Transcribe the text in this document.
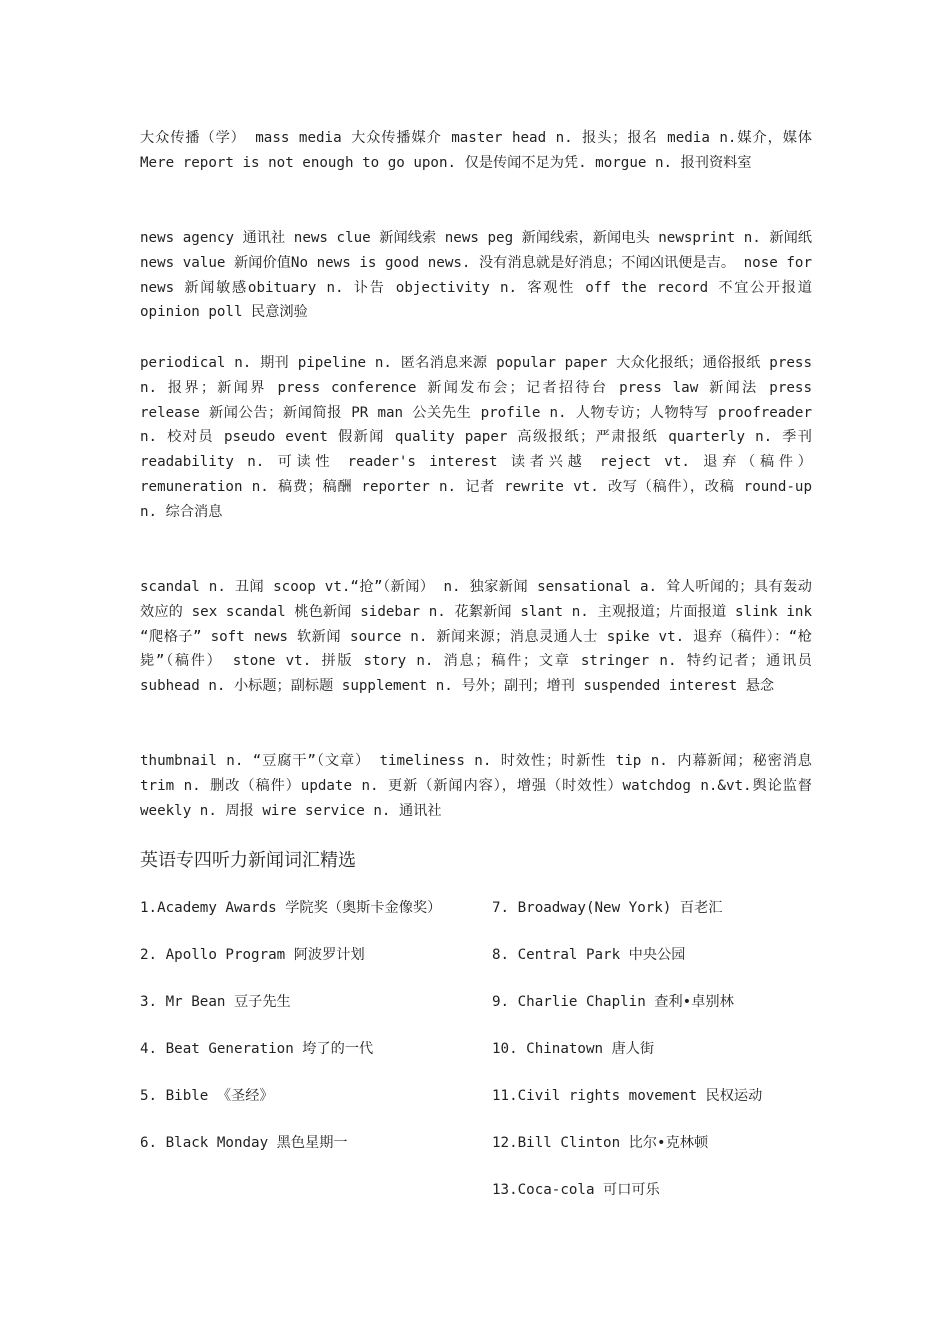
大众传播（学） mass media 大众传播媒介 master head n. 报头；报名 media n.媒介，媒体 Mere report is not enough to go upon. 仅是传闻不足为凭. morgue n. 报刊资料室
news agency 通讯社 news clue 新闻线索 news peg 新闻线索，新闻电头 newsprint n. 新闻纸 news value 新闻价值No news is good news. 没有消息就是好消息；不闻凶讯便是吉。 nose for news 新闻敏感obituary n. 讣告 objectivity n. 客观性 off the record 不宜公开报道 opinion poll 民意浏验
periodical n. 期刊 pipeline n. 匿名消息来源 popular paper 大众化报纸；通俗报纸 press n. 报界；新闻界 press conference 新闻发布会；记者招待台 press law 新闻法 press release 新闻公告；新闻简报 PR man 公关先生 profile n. 人物专访；人物特写 proofreader n. 校对员 pseudo event 假新闻 quality paper 高级报纸；严肃报纸 quarterly n. 季刊 readability n. 可读性 reader's interest 读者兴越 reject vt. 退弃（稿件）remuneration n. 稿费；稿酬 reporter n. 记者 rewrite vt. 改写（稿件），改稿 round-up n. 综合消息
scandal n. 丑闻 scoop vt.“抢”（新闻） n. 独家新闻 sensational a. 耸人听闻的；具有轰动效应的 sex scandal 桃色新闻 sidebar n. 花絮新闻 slant n. 主观报道；片面报道 slink ink “爬格子” soft news 软新闻 source n. 新闻来源；消息灵通人士 spike vt. 退弃（稿件）：“枪毙”（稿件） stone vt. 拼版 story n. 消息；稿件；文章 stringer n. 特约记者；通讯员 subhead n. 小标题；副标题 supplement n. 号外；副刊；增刊 suspended interest 悬念
thumbnail n. “豆腐干”（文章） timeliness n. 时效性；时新性 tip n. 内幕新闻；秘密消息 trim n. 删改（稿件）update n. 更新（新闻内容），增强（时效性）watchdog n.&vt.舆论监督 weekly n. 周报 wire service n. 通讯社
英语专四听力新闻词汇精选
1.Academy Awards 学院奖（奥斯卡金像奖）
2. Apollo Program 阿波罗计划
3. Mr Bean 豆子先生
4. Beat Generation 垮了的一代
5. Bible 《圣经》
6. Black Monday 黑色星期一
7. Broadway(New York) 百老汇
8. Central Park 中央公园
9. Charlie Chaplin 查利•卓别林
10. Chinatown 唐人街
11.Civil rights movement 民权运动
12.Bill Clinton 比尔•克林顿
13.Coca-cola 可口可乐
